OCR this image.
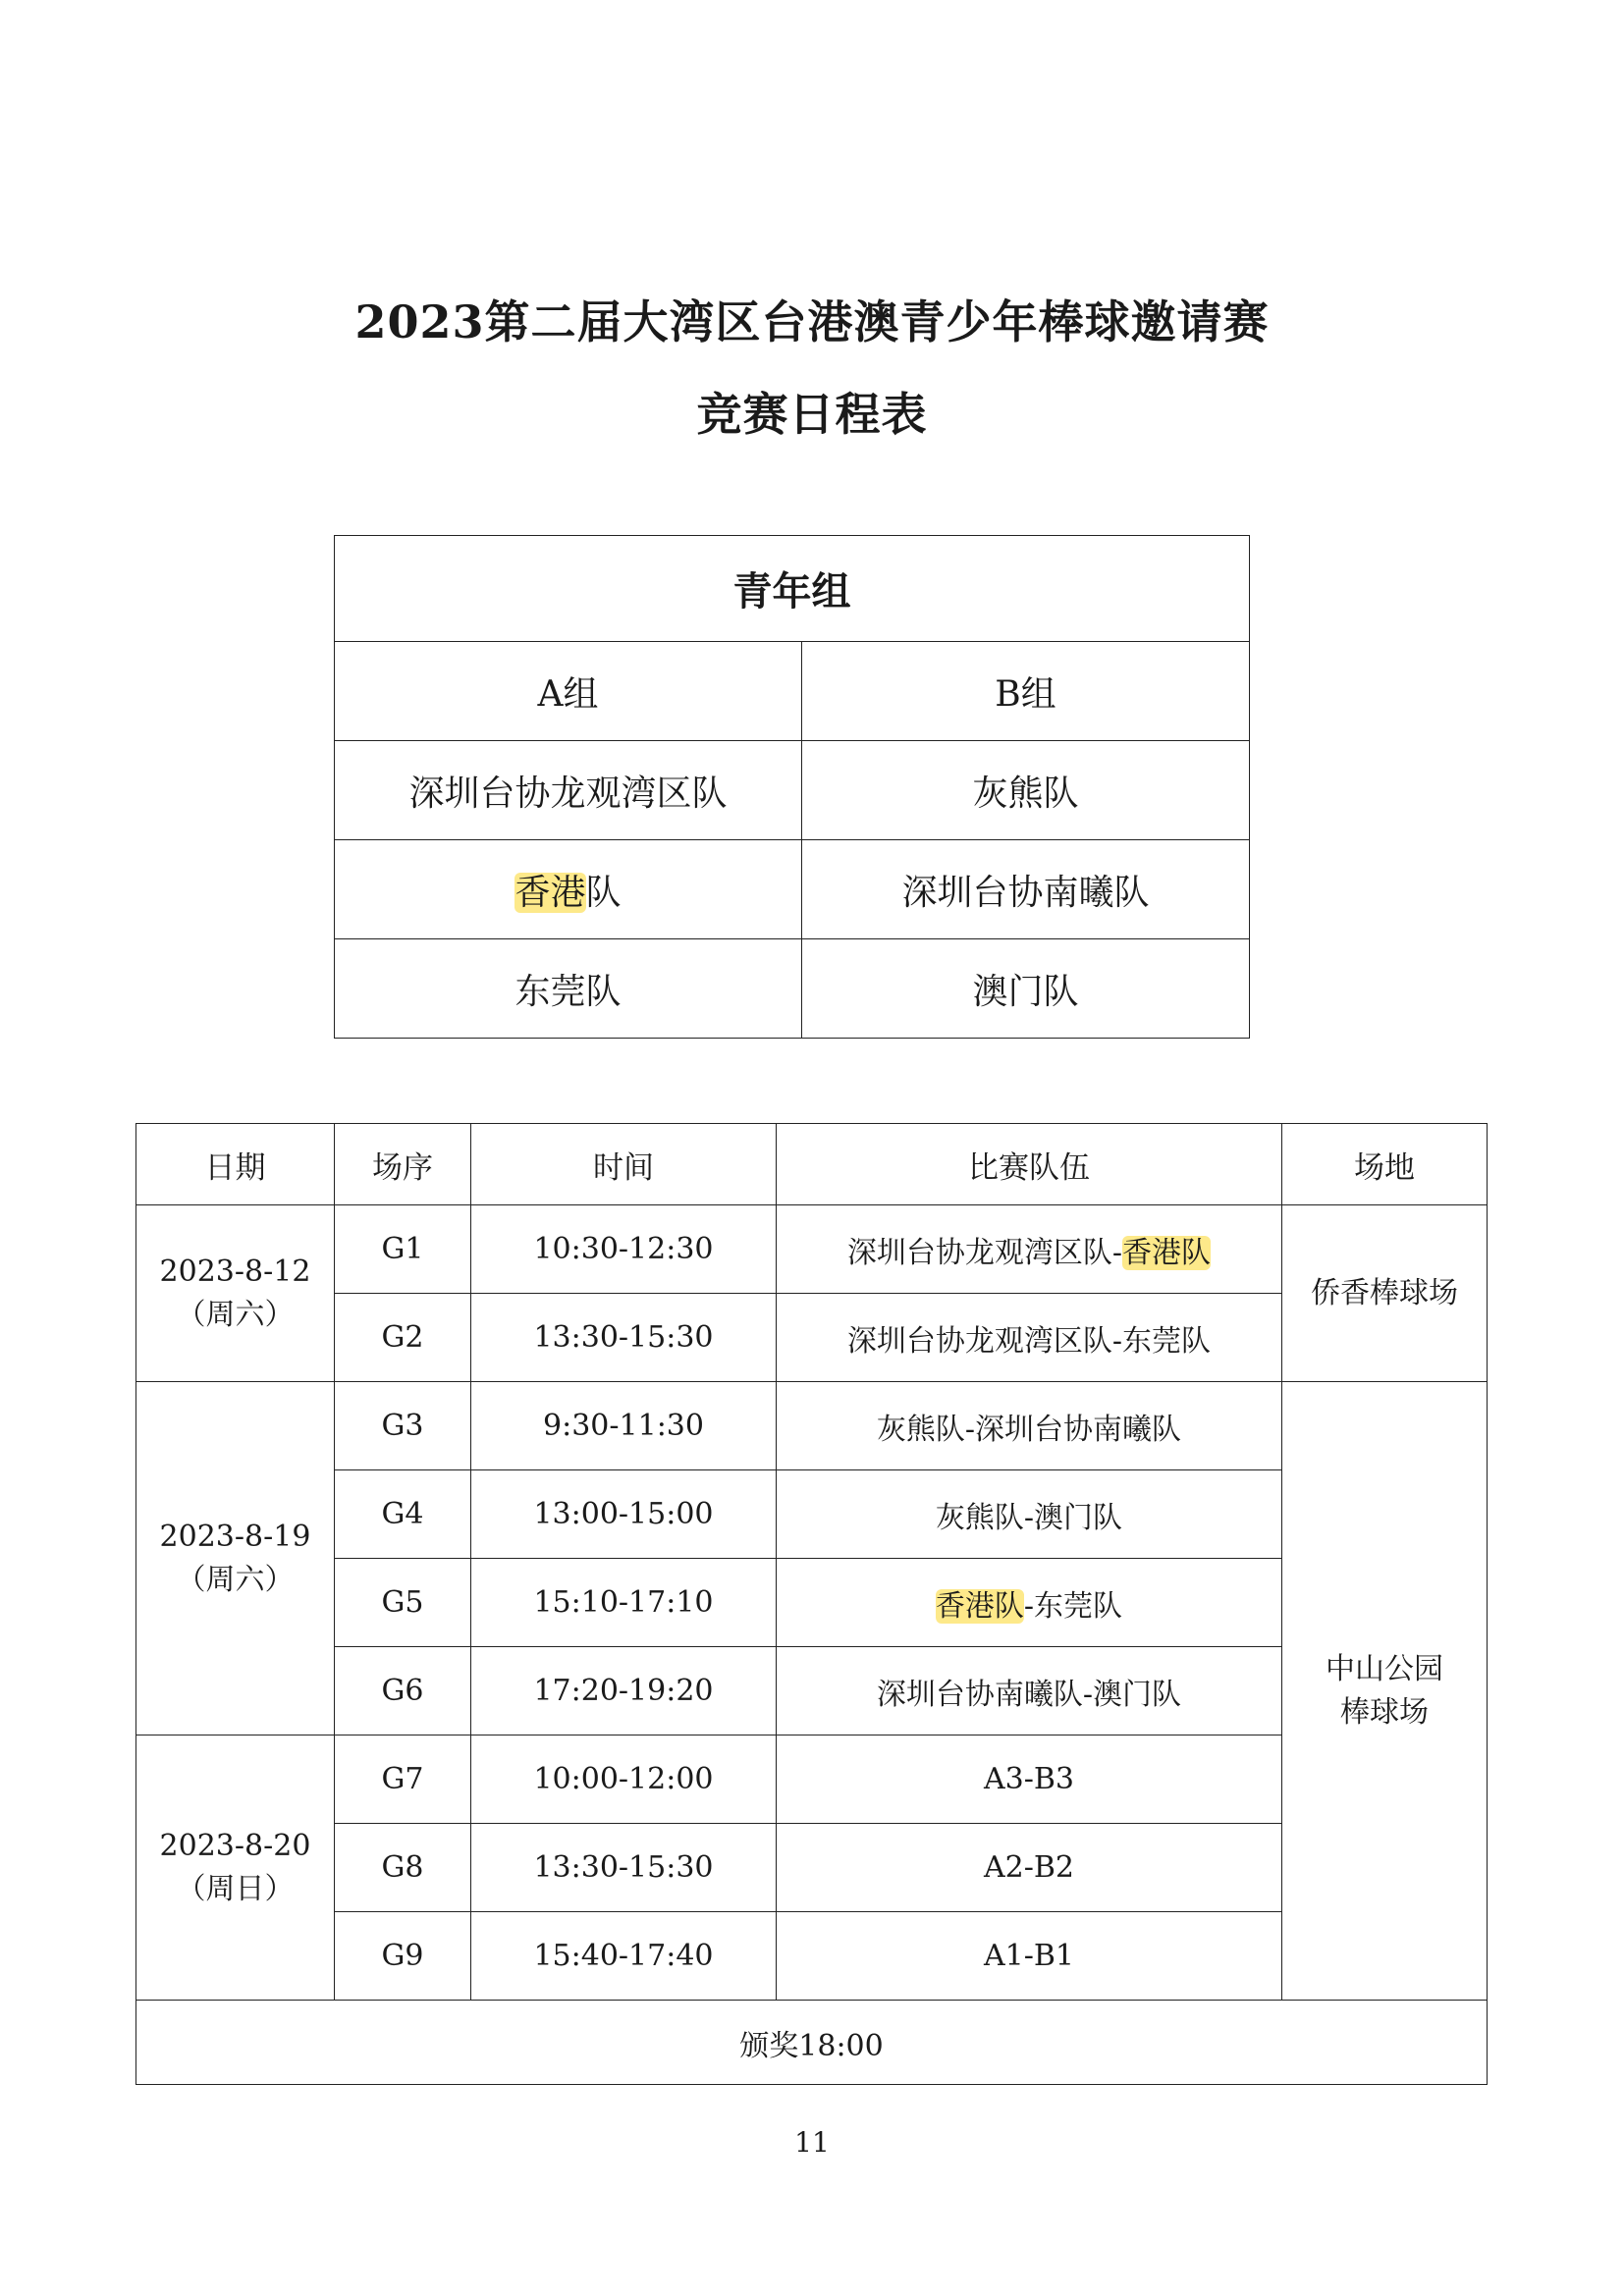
2023第二届大湾区台港澳青少年棒球邀请赛
竞赛日程表
青年组	
A组	B组
深圳台协龙观湾区队	灰熊队
香港队	深圳台协南曦队
东莞队	澳门队
日期	场序	时间	比赛队伍	场地

2023-8-12
（周六）	G1	10:30-12:30	深圳台协龙观湾区队-香港队	侨香棒球场

	G2	13:30-15:30	深圳台协龙观湾区队-东莞队	

2023-8-19
（周六）	G3	9:30-11:30	灰熊队-深圳台协南曦队	中山公园
棒球场

	G4	13:00-15:00	灰熊队-澳门队	
	G5	15:10-17:10	香港队-东莞队	
	G6	17:20-19:20	深圳台协南曦队-澳门队	

2023-8-20
（周日）	G7	10:00-12:00	A3-B3	
	G8	13:30-15:30	A2-B2	
	G9	15:40-17:40	A1-B1	
颁奖18:00				
11
